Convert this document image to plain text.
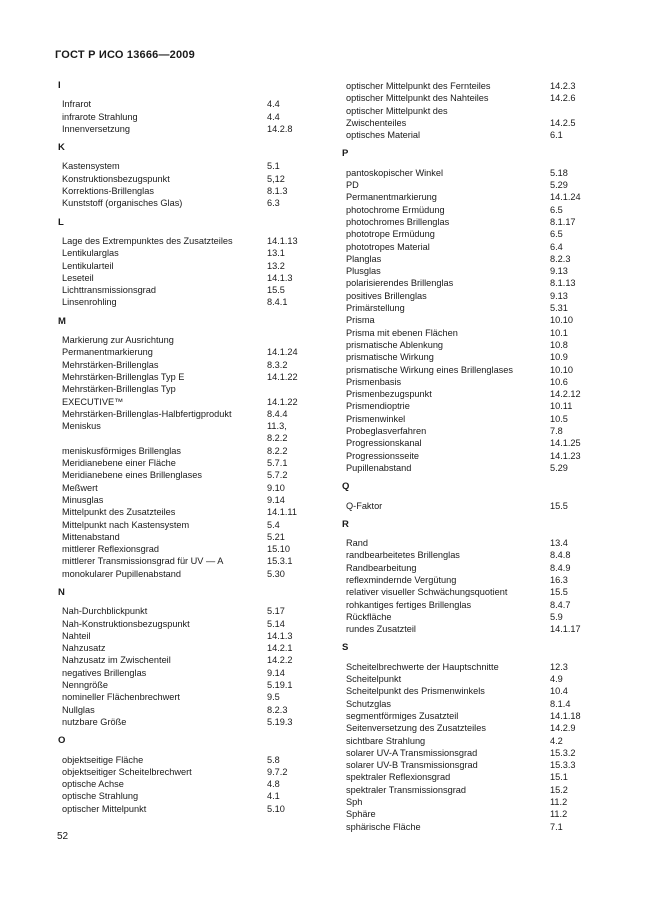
ГОСТ Р ИСО 13666—2009
I
Infrarot	4.4
infrarote Strahlung	4.4
Innenversetzung	14.2.8
K
Kastensystem	5.1
Konstruktionsbezugspunkt	5,12
Korrektions-Brillenglas	8.1.3
Kunststoff (organisches Glas)	6.3
L
Lage des Extrempunktes des Zusatzteiles	14.1.13
Lentikularglas	13.1
Lentikularteil	13.2
Leseteil	14.1.3
Lichttransmissionsgrad	15.5
Linsenrohling	8.4.1
M
Markierung zur Ausrichtung
Permanentmarkierung	14.1.24
Mehrstärken-Brillenglas	8.3.2
Mehrstärken-Brillenglas Typ E	14.1.22
Mehrstärken-Brillenglas Typ
EXECUTIVE™	14.1.22
Mehrstärken-Brillenglas-Halbfertigprodukt	8.4.4
Meniskus	11.3,
8.2.2
meniskusförmiges Brillenglas	8.2.2
Meridianebene einer Fläche	5.7.1
Meridianebene eines Brillenglases	5.7.2
Meßwert	9.10
Minusglas	9.14
Mittelpunkt des Zusatzteiles	14.1.11
Mittelpunkt nach Kastensystem	5.4
Mittenabstand	5.21
mittlerer Reflexionsgrad	15.10
mittlerer Transmissionsgrad für UV — A	15.3.1
monokularer Pupillenabstand	5.30
N
Nah-Durchblickpunkt	5.17
Nah-Konstruktionsbezugspunkt	5.14
Nahteil	14.1.3
Nahzusatz	14.2.1
Nahzusatz im Zwischenteil	14.2.2
negatives Brillenglas	9.14
Nenngröße	5.19.1
nomineller Flächenbrechwert	9.5
Nullglas	8.2.3
nutzbare Größe	5.19.3
O
objektseitige Fläche	5.8
objektseitiger Scheitelbrechwert	9.7.2
optische Achse	4.8
optische Strahlung	4.1
optischer Mittelpunkt	5.10
optischer Mittelpunkt des Fernteiles	14.2.3
optischer Mittelpunkt des Nahteiles	14.2.6
optischer Mittelpunkt des
Zwischenteiles	14.2.5
optisches Material	6.1
P
pantoskopischer Winkel	5.18
PD	5.29
Permanentmarkierung	14.1.24
photochrome Ermüdung	6.5
photochromes Brillenglas	8.1.17
phototrope Ermüdung	6.5
phototropes Material	6.4
Planglas	8.2.3
Plusglas	9.13
polarisierendes Brillenglas	8.1.13
positives Brillenglas	9.13
Primärstellung	5.31
Prisma	10.10
Prisma mit ebenen Flächen	10.1
prismatische Ablenkung	10.8
prismatische Wirkung	10.9
prismatische Wirkung eines Brillenglases	10.10
Prismenbasis	10.6
Prismenbezugspunkt	14.2.12
Prismendioptrie	10.11
Prismenwinkel	10.5
Probeglasverfahren	7.8
Progressionskanal	14.1.25
Progressionsseite	14.1.23
Pupillenabstand	5.29
Q
Q-Faktor	15.5
R
Rand	13.4
randbearbeitetes Brillenglas	8.4.8
Randbearbeitung	8.4.9
reflexmindernde Vergütung	16.3
relativer visueller Schwächungsquotient	15.5
rohkantiges fertiges Brillenglas	8.4.7
Rückfläche	5.9
rundes Zusatzteil	14.1.17
S
Scheitelbrechwerte der Hauptschnitte	12.3
Scheitelpunkt	4.9
Scheitelpunkt des Prismenwinkels	10.4
Schutzglas	8.1.4
segmentförmiges Zusatzteil	14.1.18
Seitenversetzung des Zusatzteiles	14.2.9
sichtbare Strahlung	4.2
solarer UV-A Transmissionsgrad	15.3.2
solarer UV-B Transmissionsgrad	15.3.3
spektraler Reflexionsgrad	15.1
spektraler Transmissionsgrad	15.2
Sph	11.2
Sphäre	11.2
sphärische Fläche	7.1
52
